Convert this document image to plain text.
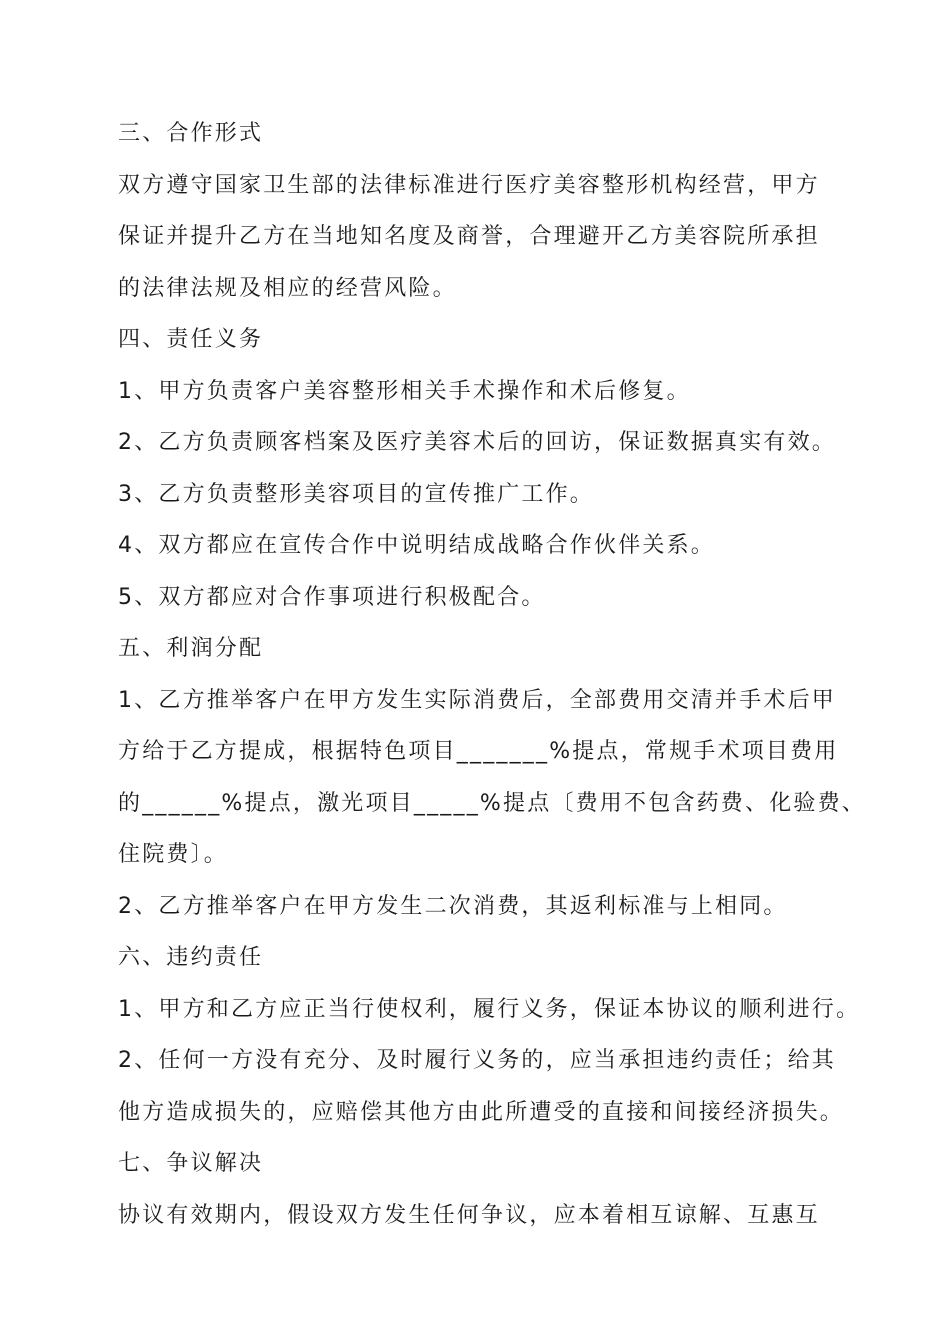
三、合作形式
双方遵守国家卫生部的法律标准进行医疗美容整形机构经营，甲方
保证并提升乙方在当地知名度及商誉，合理避开乙方美容院所承担
的法律法规及相应的经营风险。
四、责任义务
1、甲方负责客户美容整形相关手术操作和术后修复。
2、乙方负责顾客档案及医疗美容术后的回访，保证数据真实有效。
3、乙方负责整形美容项目的宣传推广工作。
4、双方都应在宣传合作中说明结成战略合作伙伴关系。
5、双方都应对合作事项进行积极配合。
五、利润分配
1、乙方推举客户在甲方发生实际消费后，全部费用交清并手术后甲
方给于乙方提成，根据特色项目_______%提点，常规手术项目费用
的______%提点，激光项目_____%提点〔费用不包含药费、化验费、
住院费〕。
2、乙方推举客户在甲方发生二次消费，其返利标准与上相同。
六、违约责任
1、甲方和乙方应正当行使权利，履行义务，保证本协议的顺利进行。
2、任何一方没有充分、及时履行义务的，应当承担违约责任；给其
他方造成损失的，应赔偿其他方由此所遭受的直接和间接经济损失。
七、争议解决
协议有效期内，假设双方发生任何争议，应本着相互谅解、互惠互
